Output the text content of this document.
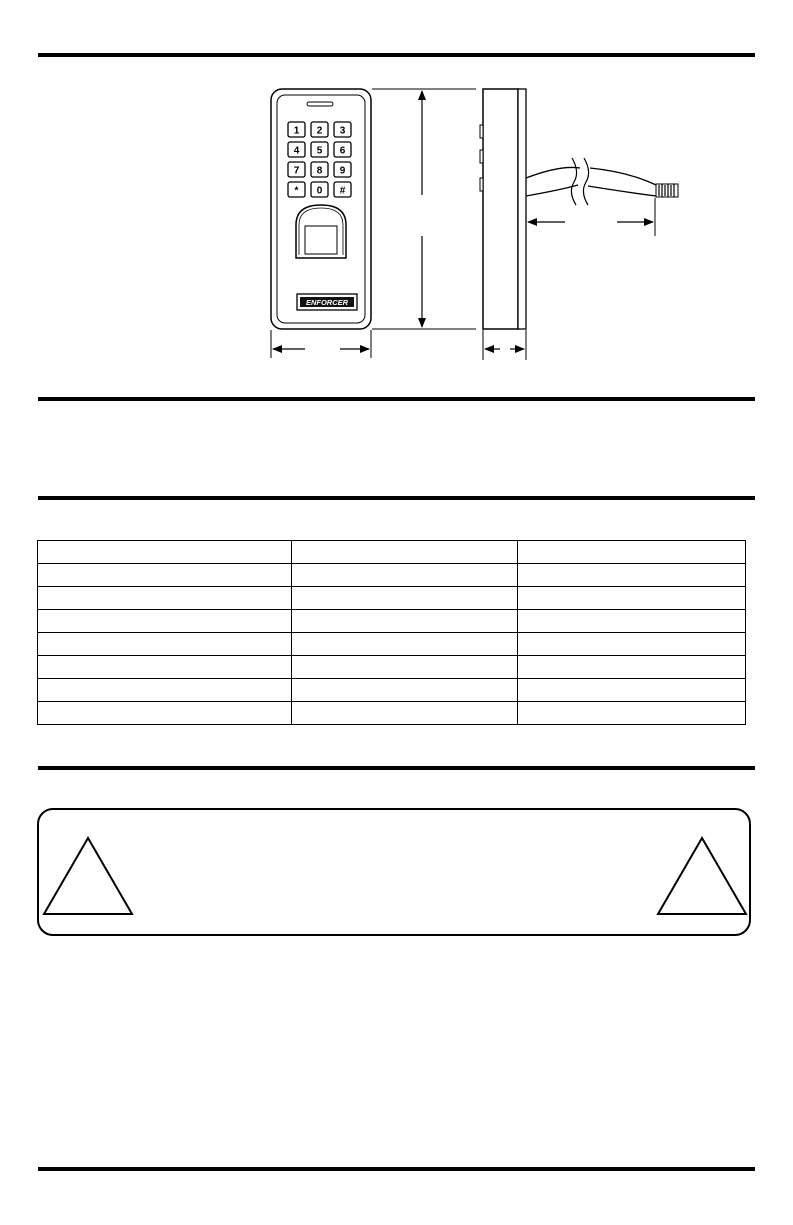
1 2 3
4 5 6
7 8 9
* 0 #
ENFORCER
